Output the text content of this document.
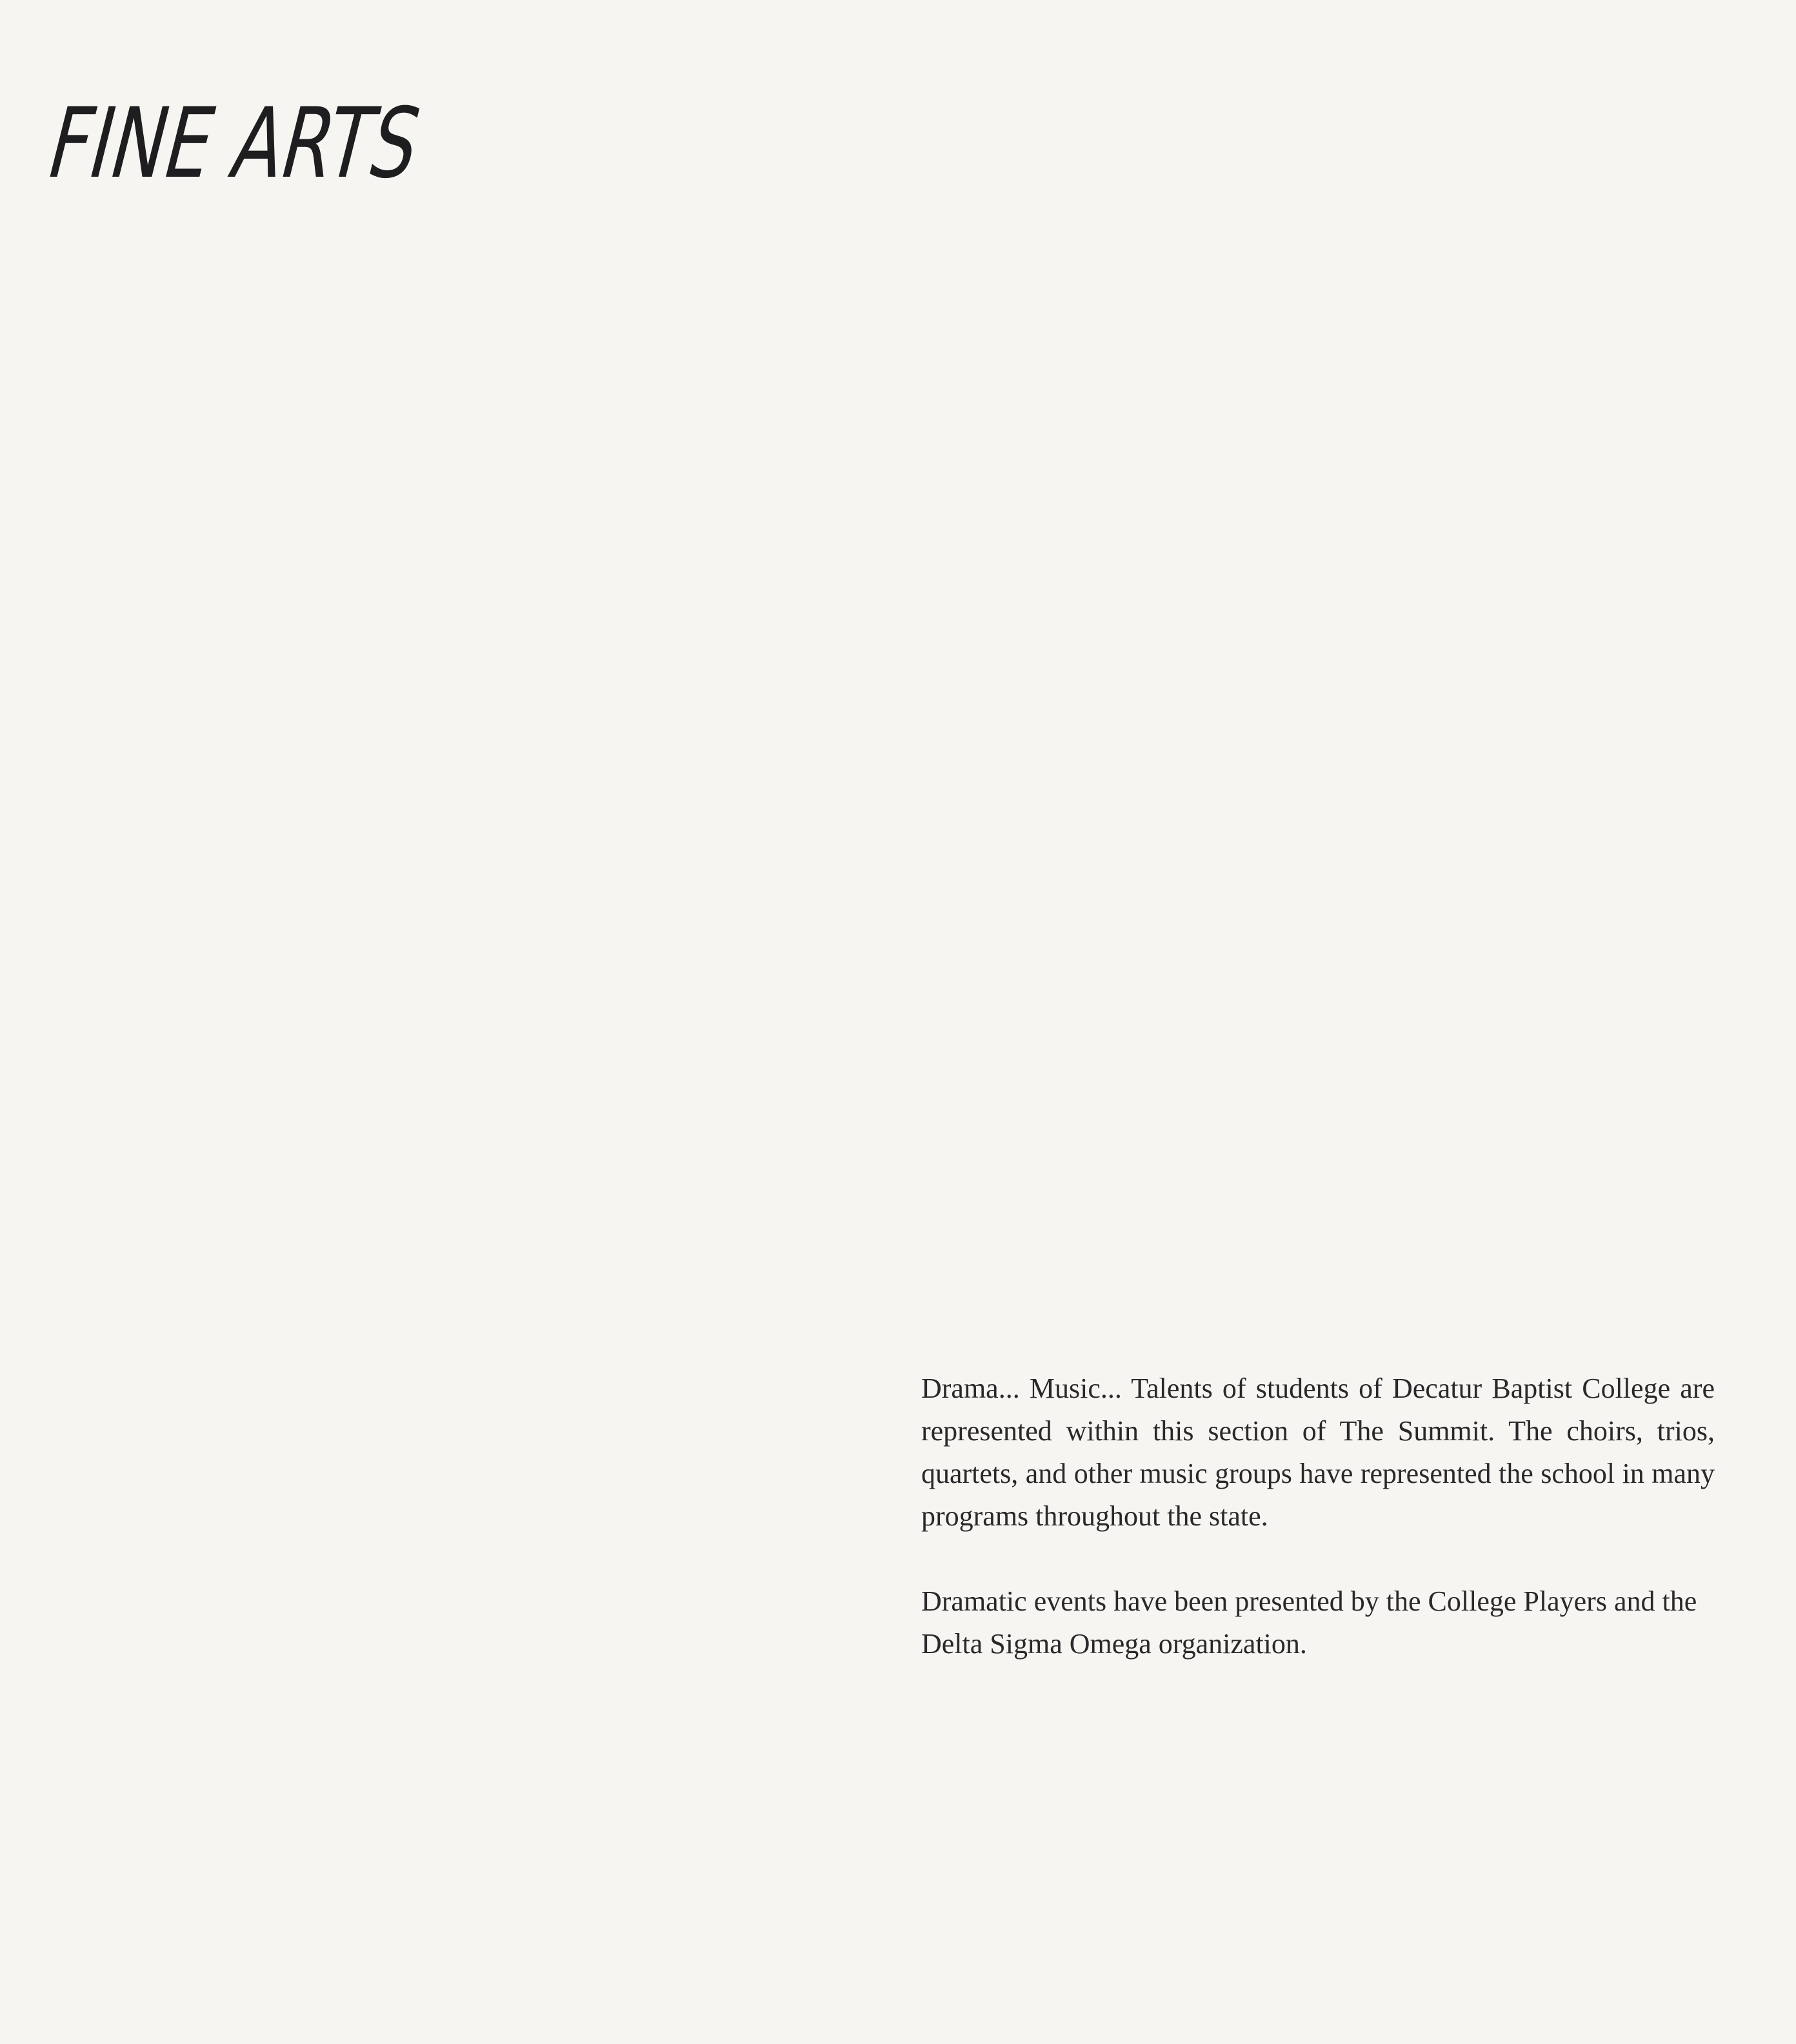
FINE ARTS

Drama... Music... Talents of students of Decatur Baptist College are represented within this section of The Summit. The choirs, trios, quartets, and other music groups have represented the school in many programs throughout the state.

Dramatic events have been presented by the College Players and the Delta Sigma Omega organization.
